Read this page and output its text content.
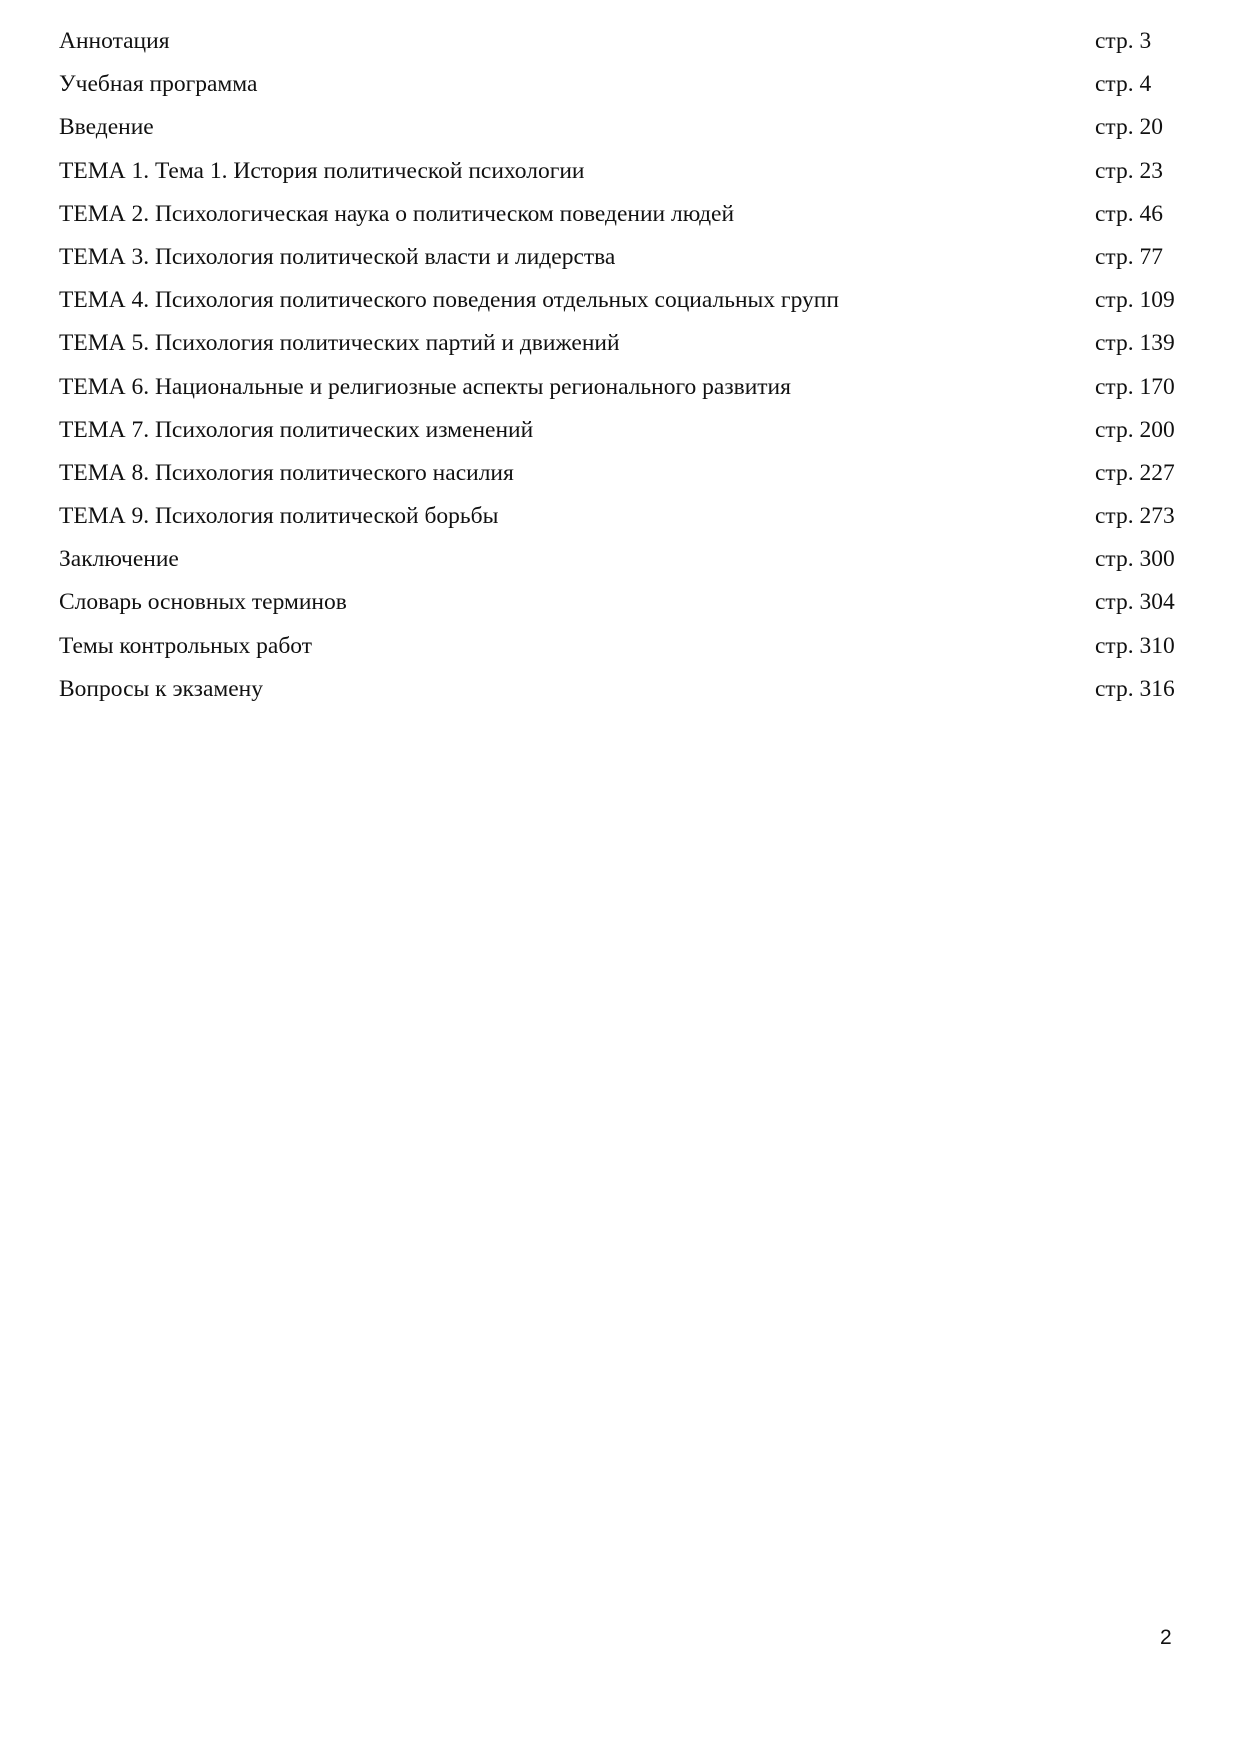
Аннотация	стр. 3
Учебная программа	стр. 4
Введение	стр. 20
ТЕМА 1. Тема 1. История политической психологии	стр. 23
ТЕМА 2. Психологическая наука о политическом поведении людей	стр. 46
ТЕМА 3. Психология политической власти и лидерства	стр. 77
ТЕМА 4. Психология политического поведения отдельных социальных групп	стр. 109
ТЕМА 5. Психология политических партий и движений	стр. 139
ТЕМА 6. Национальные и религиозные аспекты регионального развития	стр. 170
ТЕМА 7. Психология политических изменений	стр. 200
ТЕМА 8. Психология политического насилия	стр. 227
ТЕМА 9. Психология политической борьбы	стр. 273
Заключение	стр. 300
Словарь основных терминов	стр. 304
Темы контрольных работ	стр. 310
Вопросы к экзамену	стр. 316
2
